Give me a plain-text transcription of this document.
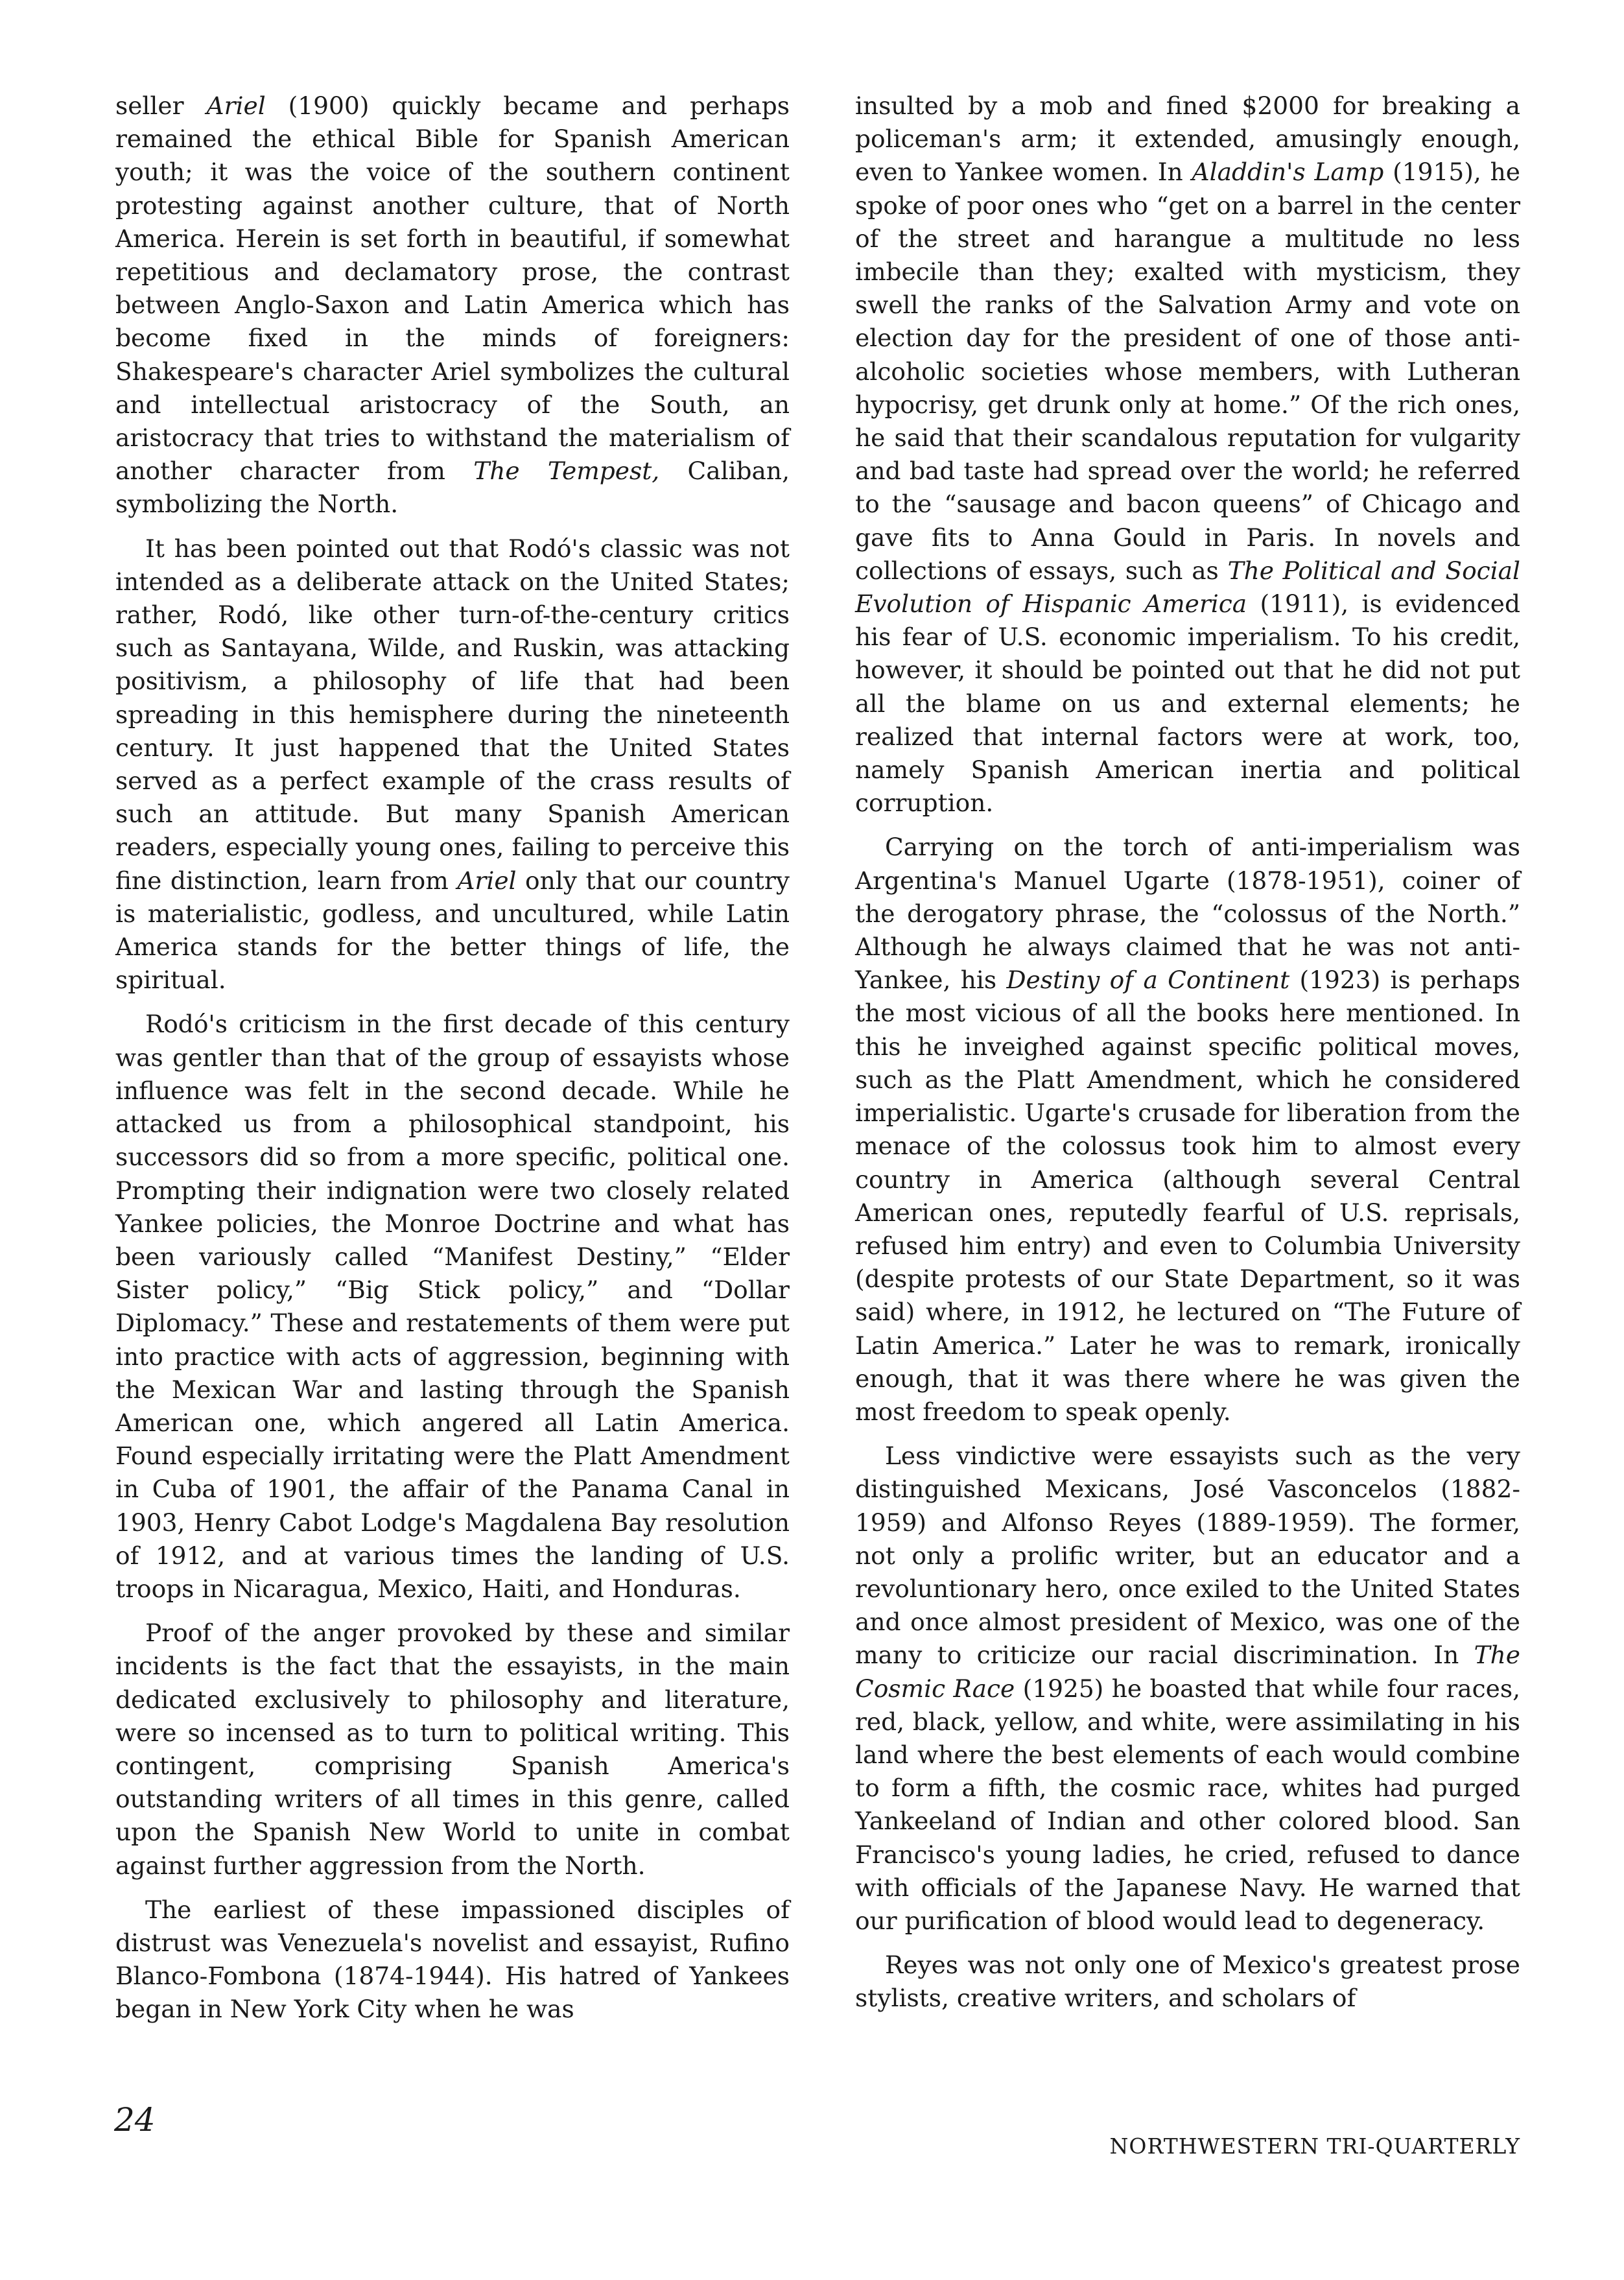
seller Ariel (1900) quickly became and perhaps remained the ethical Bible for Spanish American youth; it was the voice of the southern continent protesting against another culture, that of North America. Herein is set forth in beautiful, if somewhat repetitious and declamatory prose, the contrast between Anglo-Saxon and Latin America which has become fixed in the minds of foreigners: Shakespeare's character Ariel symbolizes the cultural and intellectual aristocracy of the South, an aristocracy that tries to withstand the materialism of another character from The Tempest, Caliban, symbolizing the North.

It has been pointed out that Rodó's classic was not intended as a deliberate attack on the United States; rather, Rodó, like other turn-of-the-century critics such as Santayana, Wilde, and Ruskin, was attacking positivism, a philosophy of life that had been spreading in this hemisphere during the nineteenth century. It just happened that the United States served as a perfect example of the crass results of such an attitude. But many Spanish American readers, especially young ones, failing to perceive this fine distinction, learn from Ariel only that our country is materialistic, godless, and uncultured, while Latin America stands for the better things of life, the spiritual.

Rodó's criticism in the first decade of this century was gentler than that of the group of essayists whose influence was felt in the second decade. While he attacked us from a philosophical standpoint, his successors did so from a more specific, political one. Prompting their indignation were two closely related Yankee policies, the Monroe Doctrine and what has been variously called “Manifest Destiny,” “Elder Sister policy,” “Big Stick policy,” and “Dollar Diplomacy.” These and restatements of them were put into practice with acts of aggression, beginning with the Mexican War and lasting through the Spanish American one, which angered all Latin America. Found especially irritating were the Platt Amendment in Cuba of 1901, the affair of the Panama Canal in 1903, Henry Cabot Lodge's Magdalena Bay resolution of 1912, and at various times the landing of U.S. troops in Nicaragua, Mexico, Haiti, and Honduras.

Proof of the anger provoked by these and similar incidents is the fact that the essayists, in the main dedicated exclusively to philosophy and literature, were so incensed as to turn to political writing. This contingent, comprising Spanish America's outstanding writers of all times in this genre, called upon the Spanish New World to unite in combat against further aggression from the North.

The earliest of these impassioned disciples of distrust was Venezuela's novelist and essayist, Rufino Blanco-Fombona (1874-1944). His hatred of Yankees began in New York City when he was

insulted by a mob and fined $2000 for breaking a policeman's arm; it extended, amusingly enough, even to Yankee women. In Aladdin's Lamp (1915), he spoke of poor ones who “get on a barrel in the center of the street and harangue a multitude no less imbecile than they; exalted with mysticism, they swell the ranks of the Salvation Army and vote on election day for the president of one of those anti-alcoholic societies whose members, with Lutheran hypocrisy, get drunk only at home.” Of the rich ones, he said that their scandalous reputation for vulgarity and bad taste had spread over the world; he referred to the “sausage and bacon queens” of Chicago and gave fits to Anna Gould in Paris. In novels and collections of essays, such as The Political and Social Evolution of Hispanic America (1911), is evidenced his fear of U.S. economic imperialism. To his credit, however, it should be pointed out that he did not put all the blame on us and external elements; he realized that internal factors were at work, too, namely Spanish American inertia and political corruption.

Carrying on the torch of anti-imperialism was Argentina's Manuel Ugarte (1878-1951), coiner of the derogatory phrase, the “colossus of the North.” Although he always claimed that he was not anti-Yankee, his Destiny of a Continent (1923) is perhaps the most vicious of all the books here mentioned. In this he inveighed against specific political moves, such as the Platt Amendment, which he considered imperialistic. Ugarte's crusade for liberation from the menace of the colossus took him to almost every country in America (although several Central American ones, reputedly fearful of U.S. reprisals, refused him entry) and even to Columbia University (despite protests of our State Department, so it was said) where, in 1912, he lectured on “The Future of Latin America.” Later he was to remark, ironically enough, that it was there where he was given the most freedom to speak openly.

Less vindictive were essayists such as the very distinguished Mexicans, José Vasconcelos (1882-1959) and Alfonso Reyes (1889-1959). The former, not only a prolific writer, but an educator and a revoluntionary hero, once exiled to the United States and once almost president of Mexico, was one of the many to criticize our racial discrimination. In The Cosmic Race (1925) he boasted that while four races, red, black, yellow, and white, were assimilating in his land where the best elements of each would combine to form a fifth, the cosmic race, whites had purged Yankeeland of Indian and other colored blood. San Francisco's young ladies, he cried, refused to dance with officials of the Japanese Navy. He warned that our purification of blood would lead to degeneracy.

Reyes was not only one of Mexico's greatest prose stylists, creative writers, and scholars of

24
NORTHWESTERN TRI-QUARTERLY
